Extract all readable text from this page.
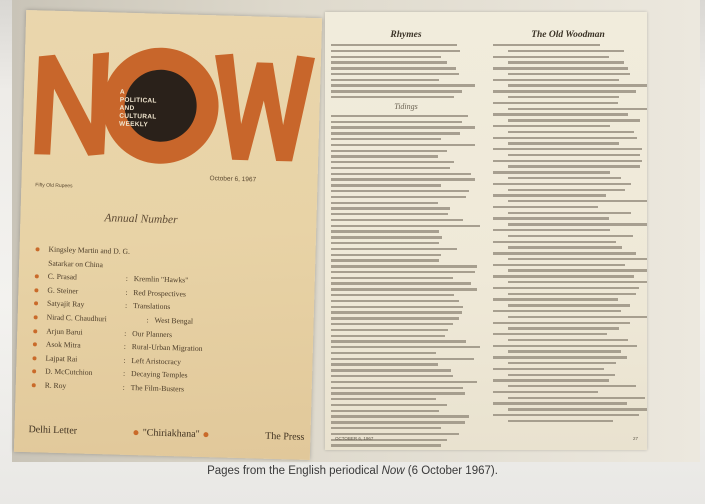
A
POLITICAL
AND
CULTURAL
WEEKLY
Fifty Old Rupees
October 6, 1967
Annual Number
Kingsley Martin and D. G.
Satarkar on China
C. Prasad	: Kremlin "Hawks"
G. Steiner	: Red Prospectives
Satyajit Ray	: Translations
Nirad C. Chaudhuri	: West Bengal
Arjun Barui	: Our Planners
Asok Mitra	: Rural-Urban Migration
Lajpat Rai	: Left Aristocracy
D. McCutchion	: Decaying Temples
R. Roy	: The Film-Busters
Delhi Letter	"Chiriakhana"	The Press
Rhymes
Tidings
The Old Woodman
OCTOBER 6, 1967	27
Pages from the English periodical Now (6 October 1967).
